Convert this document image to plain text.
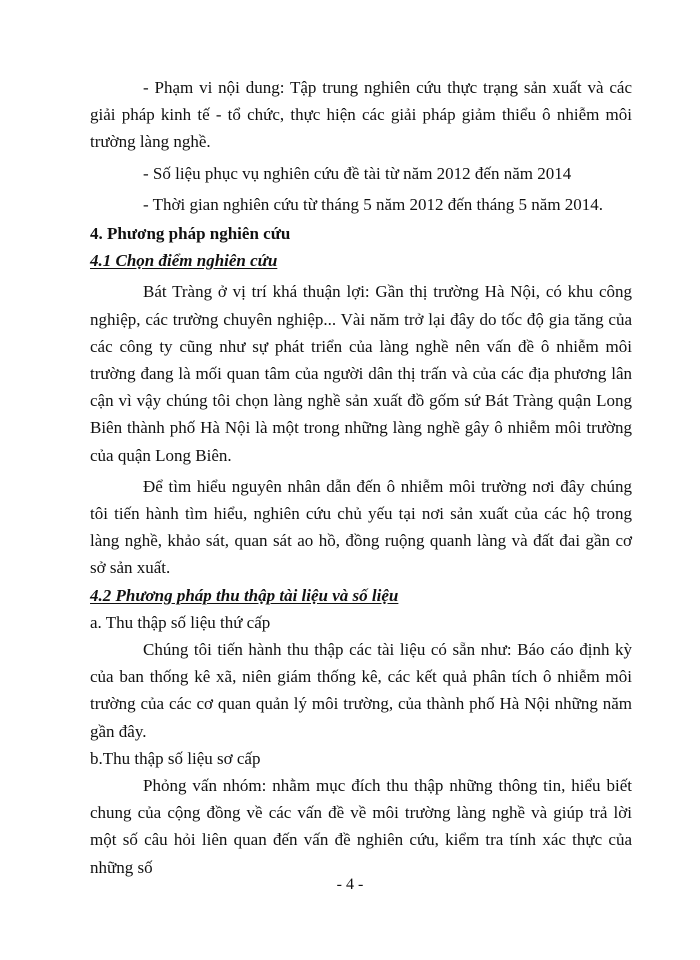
- Phạm vi nội dung: Tập trung nghiên cứu thực trạng sản xuất và các giải pháp kinh tế - tổ chức, thực hiện các giải pháp giảm thiểu ô nhiễm môi trường làng nghề.

- Số liệu phục vụ nghiên cứu đề tài từ năm 2012 đến năm 2014

- Thời gian nghiên cứu từ tháng 5 năm 2012 đến tháng 5 năm 2014.

4. Phương pháp nghiên cứu

4.1 Chọn điểm nghiên cứu

Bát Tràng ở vị trí khá thuận lợi: Gần thị trường Hà Nội, có khu công nghiệp, các trường chuyên nghiệp... Vài năm trở lại đây do tốc độ gia tăng của các công ty cũng như sự phát triển của làng nghề nên vấn đề ô nhiễm môi trường đang là mối quan tâm của người dân thị trấn và của các địa phương lân cận vì vậy chúng tôi chọn làng nghề sản xuất đồ gốm sứ Bát Tràng quận Long Biên thành phố Hà Nội là một trong những làng nghề gây ô nhiễm môi trường của quận Long Biên.

Để tìm hiểu nguyên nhân dẫn đến ô nhiễm môi trường nơi đây chúng tôi tiến hành tìm hiểu, nghiên cứu chủ yếu tại nơi sản xuất của các hộ trong làng nghề, khảo sát, quan sát ao hồ, đồng ruộng quanh làng và đất đai gần cơ sở sản xuất.

4.2 Phương pháp thu thập tài liệu và số liệu

a. Thu thập số liệu thứ cấp

Chúng tôi tiến hành thu thập các tài liệu có sẵn như: Báo cáo định kỳ của ban thống kê xã, niên giám thống kê, các kết quả phân tích ô nhiễm môi trường của các cơ quan quản lý môi trường, của thành phố Hà Nội những năm gần đây.

b.Thu thập số liệu sơ cấp

Phỏng vấn nhóm: nhằm mục đích thu thập những thông tin, hiểu biết chung của cộng đồng về các vấn đề về môi trường làng nghề và giúp trả lời một số câu hỏi liên quan đến vấn đề nghiên cứu, kiểm tra tính xác thực của những số

- 4 -
